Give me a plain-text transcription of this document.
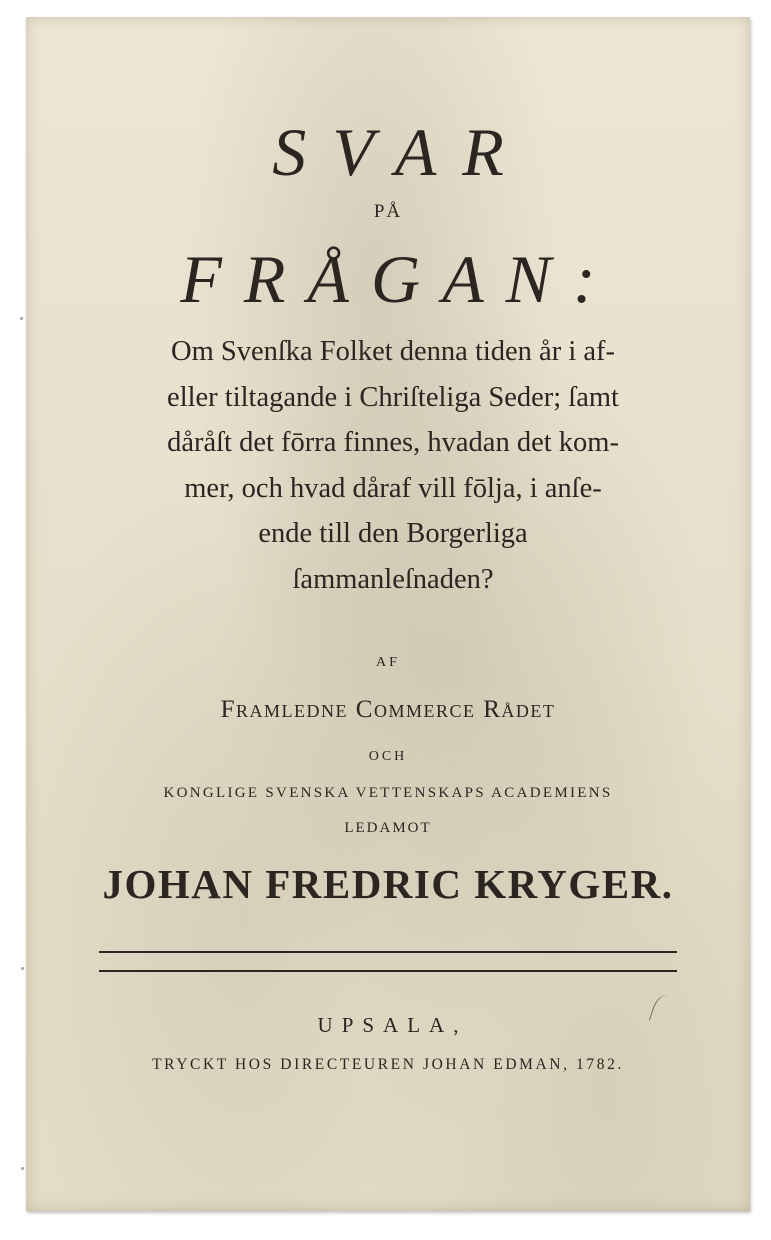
SVAR
PÅ
FRÅGAN:
Om Svenſka Folket denna tiden år i af-
eller tiltagande i Chriſteliga Seder; ſamt
dåråſt det fōrra finnes, hvadan det kom-
mer, och hvad dåraf vill fōlja, i anſe-
ende till den Borgerliga
ſammanleſnaden?
AF
Framledne Commerce Rådet
OCH
KONGLIGE SVENSKA VETTENSKAPS ACADEMIENS
LEDAMOT
JOHAN FREDRIC KRYGER.
UPSALA,
TRYCKT HOS DIRECTEUREN JOHAN EDMAN, 1782.
